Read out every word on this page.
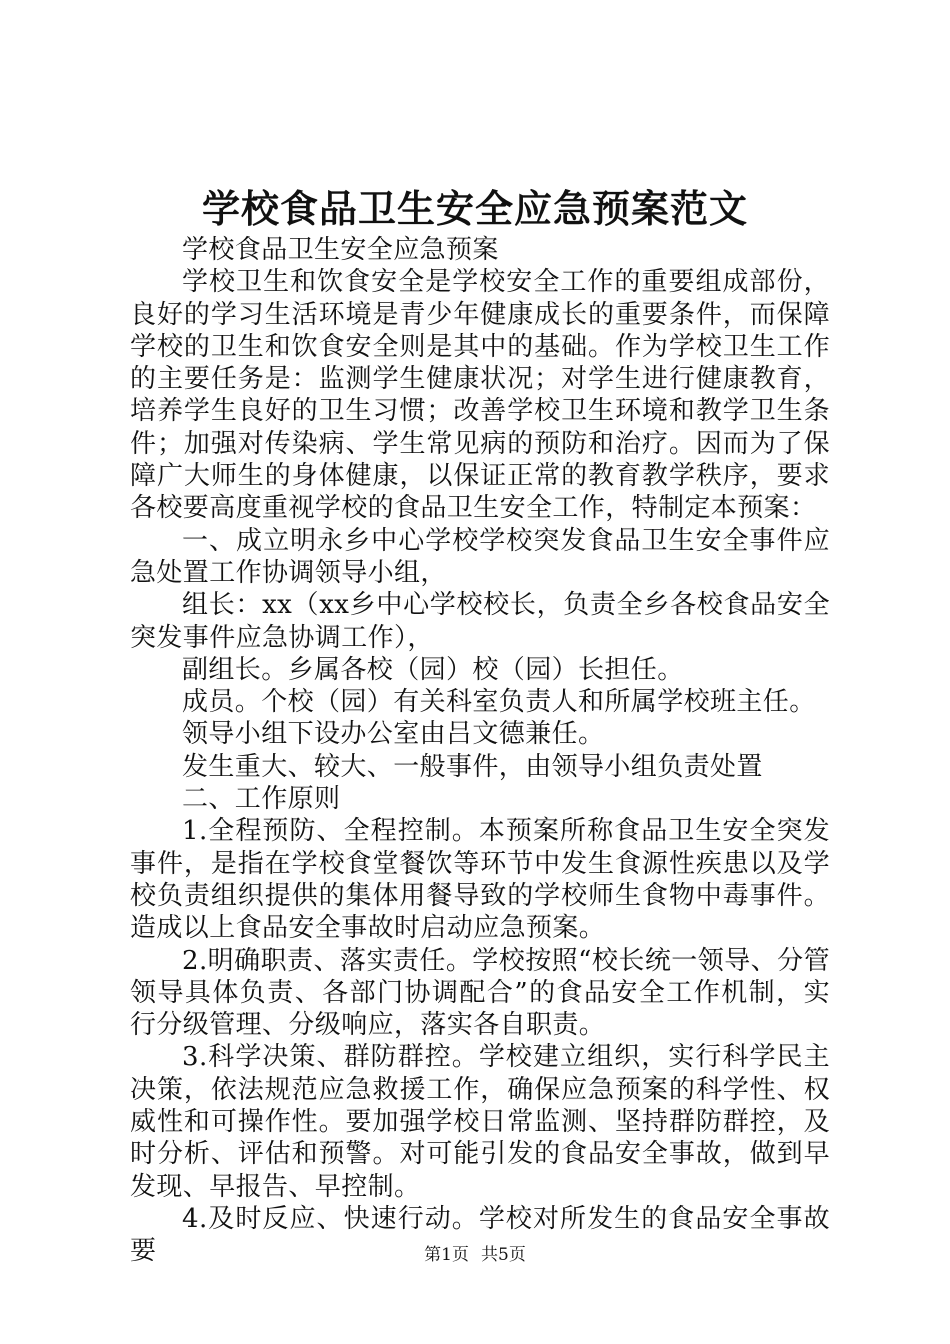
学校食品卫生安全应急预案范文

学校食品卫生安全应急预案

学校卫生和饮食安全是学校安全工作的重要组成部份，良好的学习生活环境是青少年健康成长的重要条件，而保障学校的卫生和饮食安全则是其中的基础。作为学校卫生工作的主要任务是：监测学生健康状况；对学生进行健康教育，培养学生良好的卫生习惯；改善学校卫生环境和教学卫生条件；加强对传染病、学生常见病的预防和治疗。因而为了保障广大师生的身体健康，以保证正常的教育教学秩序，要求各校要高度重视学校的食品卫生安全工作，特制定本预案：

一、成立明永乡中心学校学校突发食品卫生安全事件应急处置工作协调领导小组，

组长：xx（xx乡中心学校校长，负责全乡各校食品安全突发事件应急协调工作），

副组长。乡属各校（园）校（园）长担任。

成员。个校（园）有关科室负责人和所属学校班主任。

领导小组下设办公室由吕文德兼任。

发生重大、较大、一般事件，由领导小组负责处置

二、工作原则

1.全程预防、全程控制。本预案所称食品卫生安全突发事件，是指在学校食堂餐饮等环节中发生食源性疾患以及学校负责组织提供的集体用餐导致的学校师生食物中毒事件。造成以上食品安全事故时启动应急预案。

2.明确职责、落实责任。学校按照“校长统一领导、分管领导具体负责、各部门协调配合”的食品安全工作机制，实行分级管理、分级响应，落实各自职责。

3.科学决策、群防群控。学校建立组织，实行科学民主决策，依法规范应急救援工作，确保应急预案的科学性、权威性和可操作性。要加强学校日常监测、坚持群防群控，及时分析、评估和预警。对可能引发的食品安全事故，做到早发现、早报告、早控制。

4.及时反应、快速行动。学校对所发生的食品安全事故要	第1页 共5页
